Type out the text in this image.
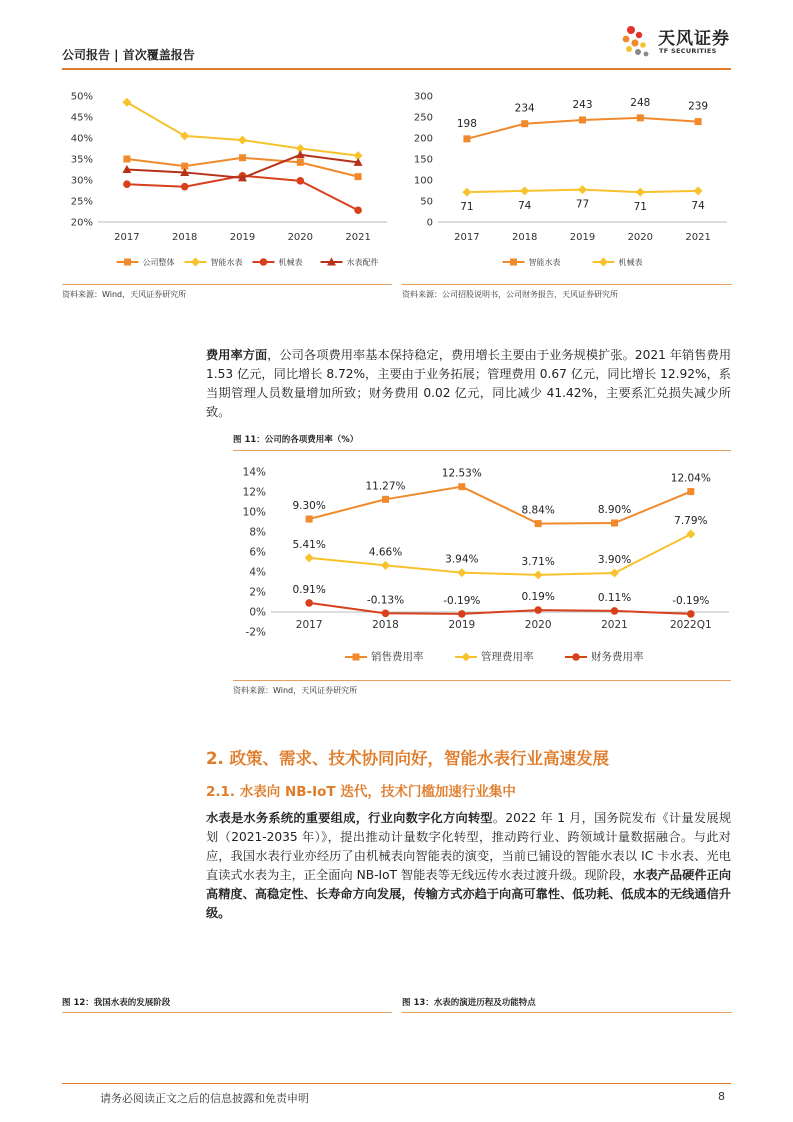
公司报告 | 首次覆盖报告
天风证券
TF SECURITIES
20%
25%
30%
35%
40%
45%
50%
2017	2018	2019	2020	2021
公司整体	智能水表	机械表	水表配件
资料来源：Wind，天风证券研究所
0
50
100
150
200
250
300
2017	2018	2019	2020	2021
198
234	243	248	239
71	74	77	71	74
智能水表	机械表
资料来源：公司招股说明书，公司财务报告，天风证券研究所
费用率方面，公司各项费用率基本保持稳定，费用增长主要由于业务规模扩张。2021 年销售费用 1.53 亿元，同比增长 8.72%，主要由于业务拓展；管理费用 0.67 亿元，同比增长 12.92%，系当期管理人员数量增加所致；财务费用 0.02 亿元，同比减少 41.42%，主要系汇兑损失减少所致。
图 11：公司的各项费用率（%）
-2%
0%
2%
4%
6%
8%
10%
12%
14%
2017	2018	2019	2020	2021	2022Q1
9.30%
11.27%
12.53%
8.84%	8.90%
12.04%
5.41%
4.66%
3.94%	3.71%	3.90%
7.79%
0.91%
-0.13%	-0.19%	0.19%	0.11%	-0.19%
销售费用率	管理费用率	财务费用率
资料来源：Wind，天风证券研究所
2. 政策、需求、技术协同向好，智能水表行业高速发展
2.1. 水表向 NB-IoT 迭代，技术门槛加速行业集中
水表是水务系统的重要组成，行业向数字化方向转型。2022 年 1 月，国务院发布《计量发展规划（2021-2035 年）》，提出推动计量数字化转型，推动跨行业、跨领域计量数据融合。与此对应，我国水表行业亦经历了由机械表向智能表的演变，当前已铺设的智能水表以 IC 卡水表、光电直读式水表为主，正全面向 NB-IoT 智能表等无线远传水表过渡升级。现阶段，水表产品硬件正向高精度、高稳定性、长寿命方向发展，传输方式亦趋于向高可靠性、低功耗、低成本的无线通信升级。
图 12：我国水表的发展阶段	图 13：水表的演进历程及功能特点
请务必阅读正文之后的信息披露和免责申明	8
